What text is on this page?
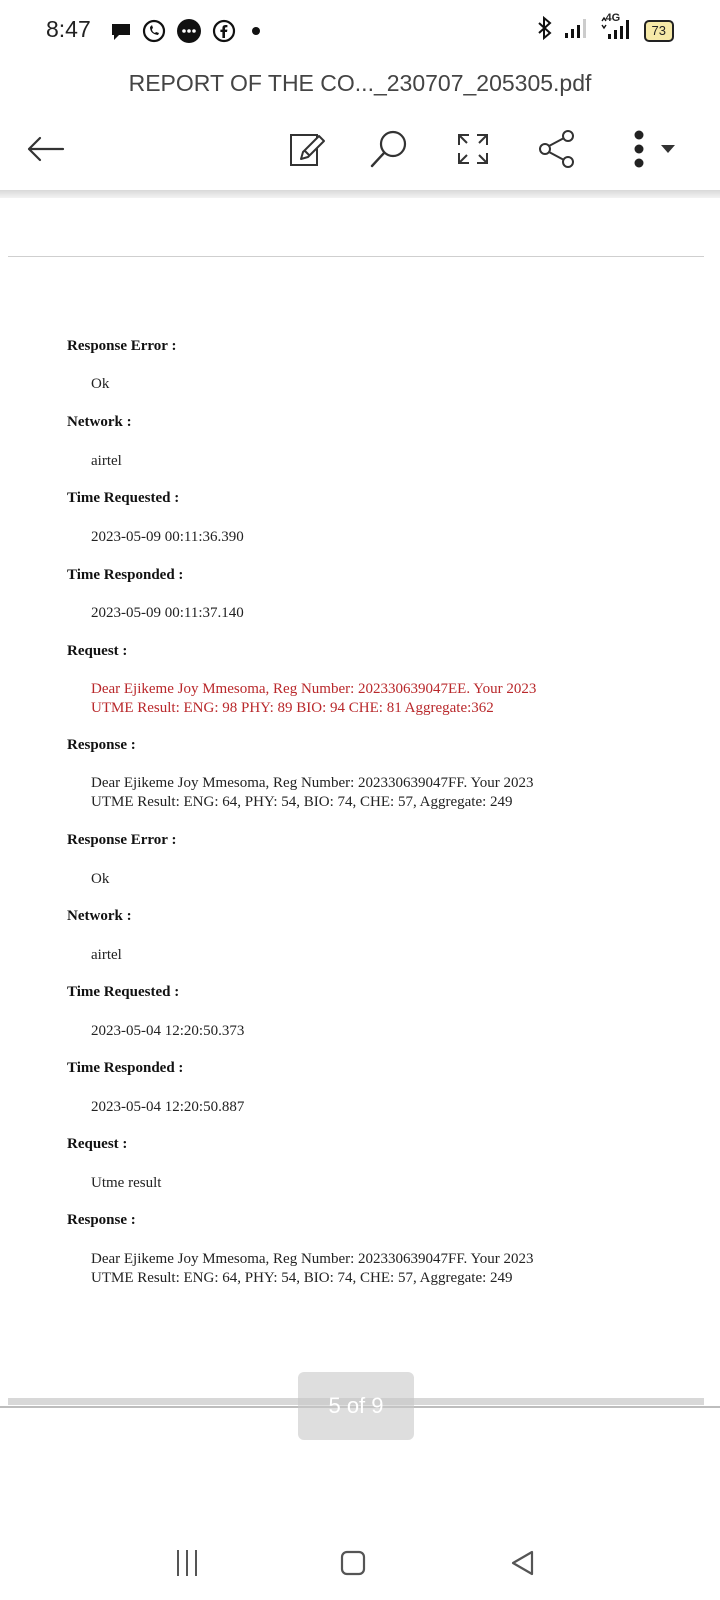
8:47	4G
73
REPORT OF THE CO..._230707_205305.pdf
Response Error :
Ok
Network :
airtel
Time Requested :
2023-05-09 00:11:36.390
Time Responded :
2023-05-09 00:11:37.140
Request :
Dear Ejikeme Joy Mmesoma, Reg Number: 202330639047EE. Your 2023
UTME Result: ENG: 98 PHY: 89 BIO: 94 CHE: 81 Aggregate:362
Response :
Dear Ejikeme Joy Mmesoma, Reg Number: 202330639047FF. Your 2023
UTME Result: ENG: 64, PHY: 54, BIO: 74, CHE: 57, Aggregate: 249
Response Error :
Ok
Network :
airtel
Time Requested :
2023-05-04 12:20:50.373
Time Responded :
2023-05-04 12:20:50.887
Request :
Utme result
Response :
Dear Ejikeme Joy Mmesoma, Reg Number: 202330639047FF. Your 2023
UTME Result: ENG: 64, PHY: 54, BIO: 74, CHE: 57, Aggregate: 249
5 of 9
